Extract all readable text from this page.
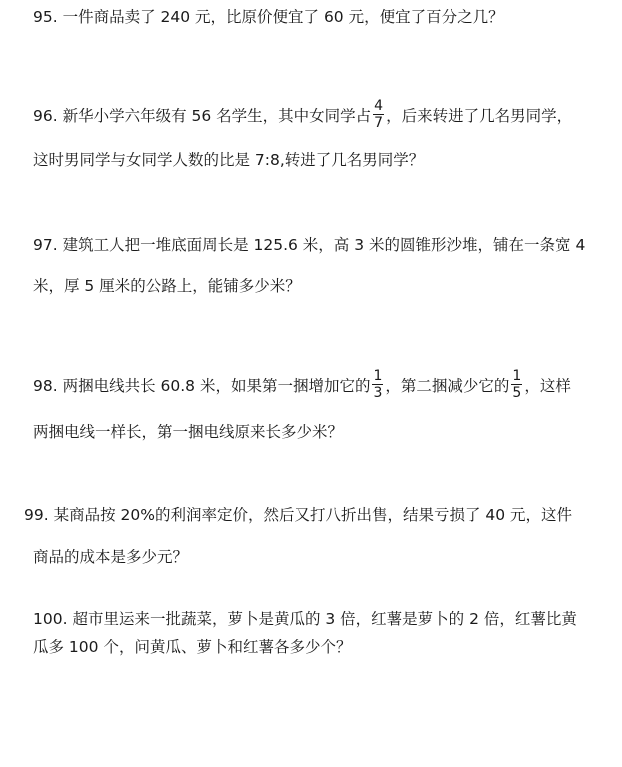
95. 一件商品卖了 240 元，比原价便宜了 60 元，便宜了百分之几？
96. 新华小学六年级有 56 名学生，其中女同学占 $\frac{4}{7}$ ，后来转进了几名男同学，
这时男同学与女同学人数的比是 7:8,转进了几名男同学？
97. 建筑工人把一堆底面周长是 125.6 米，高 3 米的圆锥形沙堆，铺在一条宽 4
米，厚 5 厘米的公路上，能铺多少米？
98. 两捆电线共长 60.8 米，如果第一捆增加它的 $\frac{1}{3}$ ，第二捆减少它的 $\frac{1}{5}$ ，这样
两捆电线一样长，第一捆电线原来长多少米？
99. 某商品按 20%的利润率定价，然后又打八折出售，结果亏损了 40 元，这件
商品的成本是多少元？
100. 超市里运来一批蔬菜，萝卜是黄瓜的 3 倍，红薯是萝卜的 2 倍，红薯比黄
瓜多 100 个，问黄瓜、萝卜和红薯各多少个？
